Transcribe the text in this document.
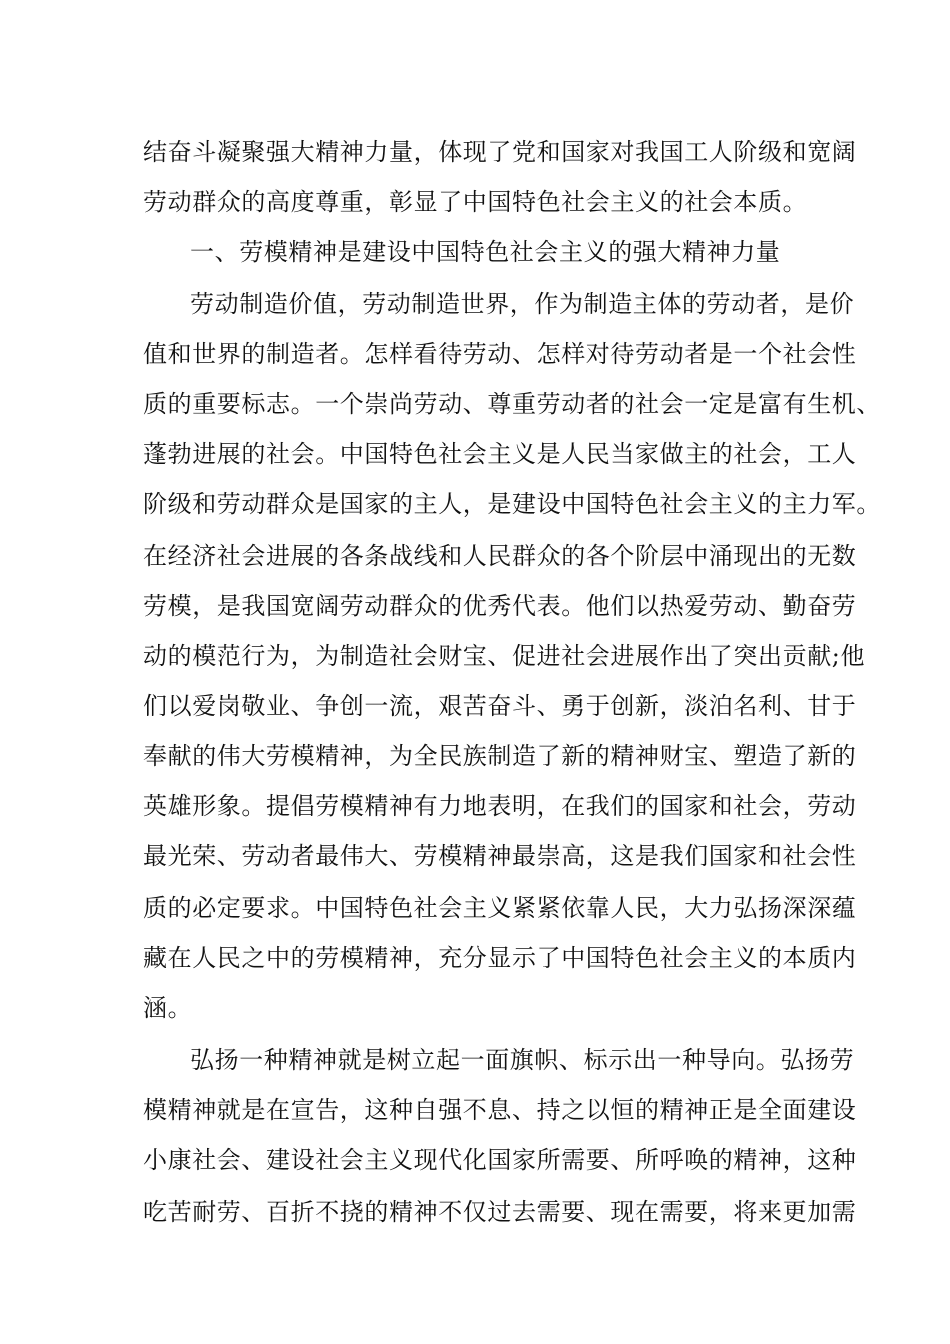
结奋斗凝聚强大精神力量，体现了党和国家对我国工人阶级和宽阔
劳动群众的高度尊重，彰显了中国特色社会主义的社会本质。
一、劳模精神是建设中国特色社会主义的强大精神力量
劳动制造价值，劳动制造世界，作为制造主体的劳动者，是价
值和世界的制造者。怎样看待劳动、怎样对待劳动者是一个社会性
质的重要标志。一个崇尚劳动、尊重劳动者的社会一定是富有生机、
蓬勃进展的社会。中国特色社会主义是人民当家做主的社会，工人
阶级和劳动群众是国家的主人，是建设中国特色社会主义的主力军。
在经济社会进展的各条战线和人民群众的各个阶层中涌现出的无数
劳模，是我国宽阔劳动群众的优秀代表。他们以热爱劳动、勤奋劳
动的模范行为，为制造社会财宝、促进社会进展作出了突出贡献;他
们以爱岗敬业、争创一流，艰苦奋斗、勇于创新，淡泊名利、甘于
奉献的伟大劳模精神，为全民族制造了新的精神财宝、塑造了新的
英雄形象。提倡劳模精神有力地表明，在我们的国家和社会，劳动
最光荣、劳动者最伟大、劳模精神最崇高，这是我们国家和社会性
质的必定要求。中国特色社会主义紧紧依靠人民，大力弘扬深深蕴
藏在人民之中的劳模精神，充分显示了中国特色社会主义的本质内
涵。
弘扬一种精神就是树立起一面旗帜、标示出一种导向。弘扬劳
模精神就是在宣告，这种自强不息、持之以恒的精神正是全面建设
小康社会、建设社会主义现代化国家所需要、所呼唤的精神，这种
吃苦耐劳、百折不挠的精神不仅过去需要、现在需要，将来更加需
